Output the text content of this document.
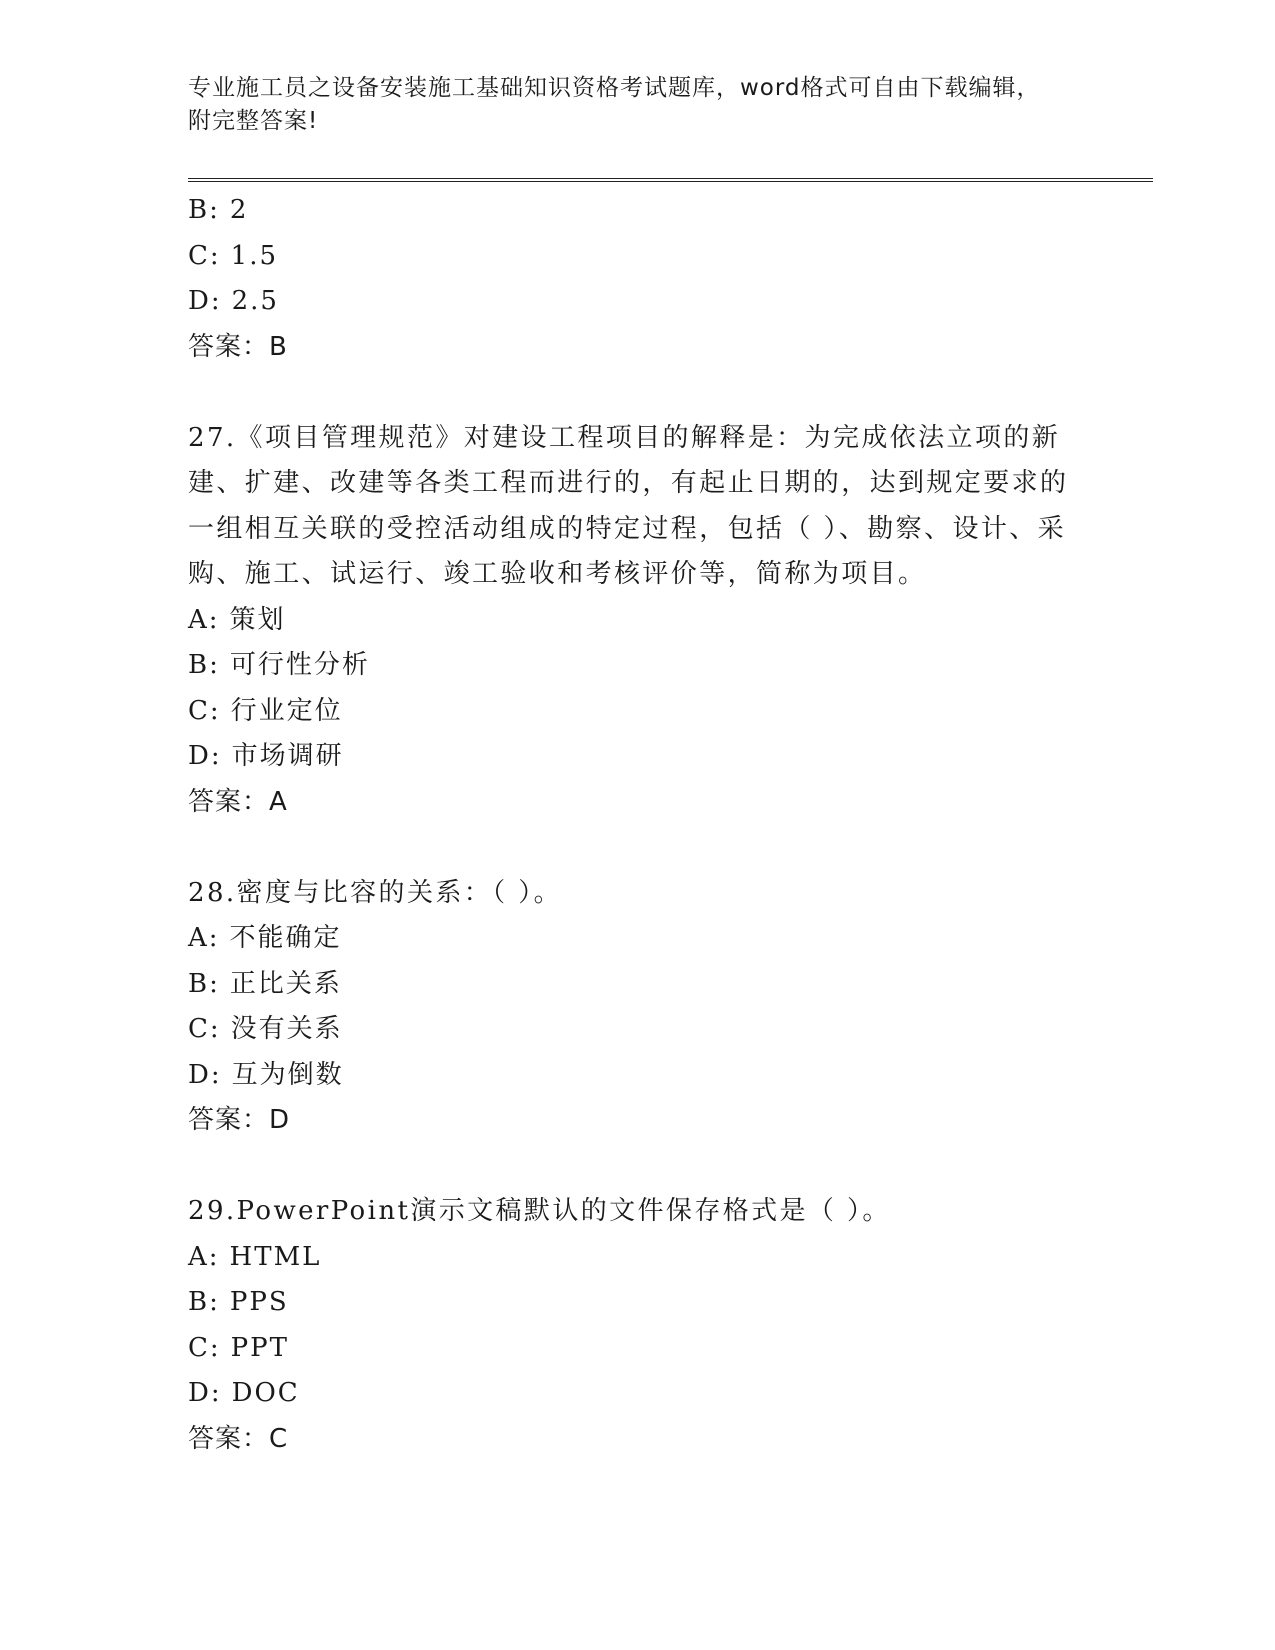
专业施工员之设备安装施工基础知识资格考试题库，word格式可自由下载编辑，
附完整答案!
B: 2
C: 1.5
D: 2.5
答案：B
27.《项目管理规范》对建设工程项目的解释是：为完成依法立项的新建、扩建、改建等各类工程而进行的，有起止日期的，达到规定要求的一组相互关联的受控活动组成的特定过程，包括（ ）、勘察、设计、采购、施工、试运行、竣工验收和考核评价等，简称为项目。
A: 策划
B: 可行性分析
C: 行业定位
D: 市场调研
答案：A
28.密度与比容的关系：（ ）。
A: 不能确定
B: 正比关系
C: 没有关系
D: 互为倒数
答案：D
29.PowerPoint演示文稿默认的文件保存格式是（ ）。
A: HTML
B: PPS
C: PPT
D: DOC
答案：C
